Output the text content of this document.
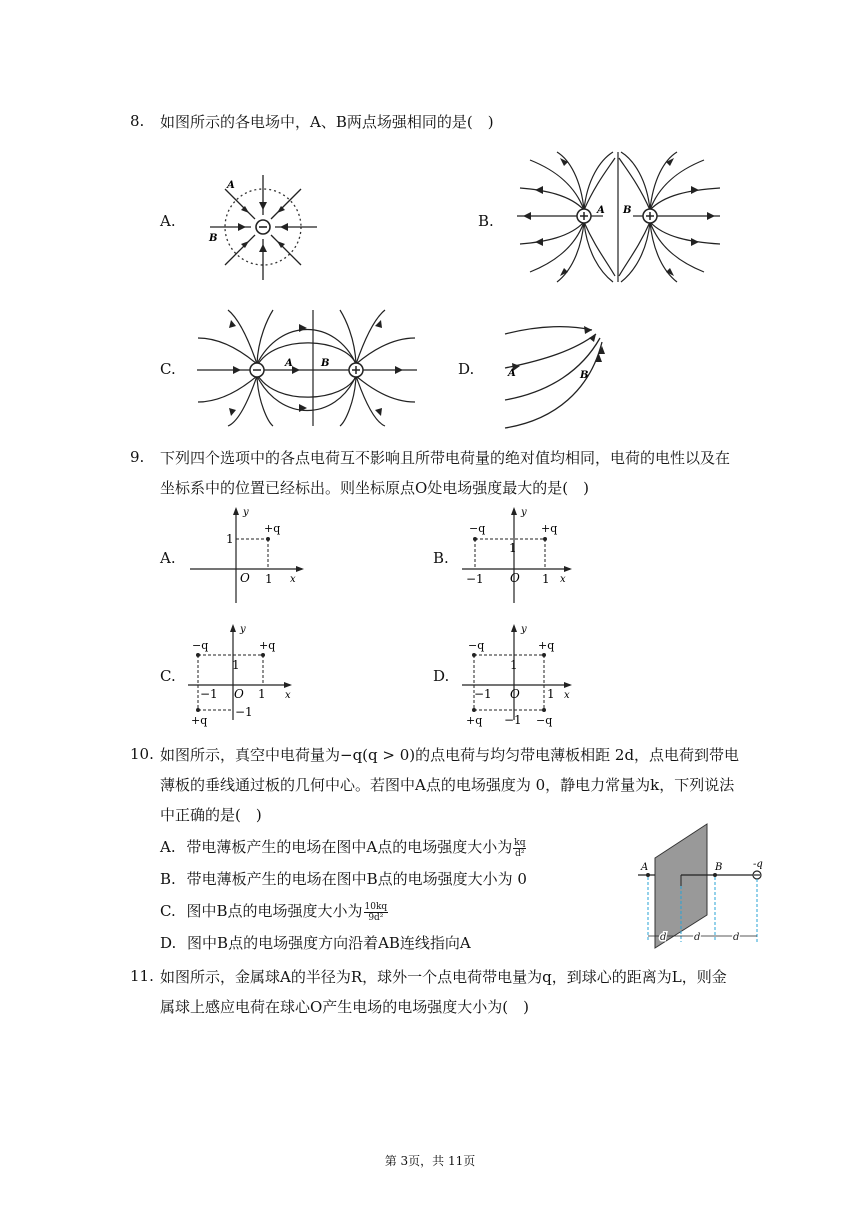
8.	如图所示的各电场中，A、B两点场强相同的是(　)
A.	B.
C.	D.
A
B
A B
A	B
A	B
9.	下列四个选项中的各点电荷互不影响且所带电荷量的绝对值均相同，电荷的电性以及在
坐标系中的位置已经标出。则坐标原点O处电场强度最大的是(　)
A.	B.
C.	D.
y
x
O
1
1
+q
y
x
O
1
1
−1
−q	+q
y
x
O
1
1
−1
−1
−q	+q
+q
y
x
O
1
1
−1
−1
−q	+q
+q	−q
10. 如图所示，真空中电荷量为−q(q > 0)的点电荷与均匀带电薄板相距 2d，点电荷到带电
薄板的垂线通过板的几何中心。若图中A点的电场强度为 0，静电力常量为k，下列说法
中正确的是(　)
A. 带电薄板产生的电场在图中A点的电场强度大小为 $\frac{kq}{\text{d²}}$
B. 带电薄板产生的电场在图中B点的电场强度大小为 0
C. 图中B点的电场强度大小为 $\frac{10kq}{\text{9d²}}$
D. 图中B点的电场强度方向沿着AB连线指向A
A	B	-q
d	d	d
11. 如图所示，金属球A的半径为R，球外一个点电荷带电量为q，到球心的距离为L，则金
属球上感应电荷在球心O产生电场的电场强度大小为(　)
第 3页，共 11页
